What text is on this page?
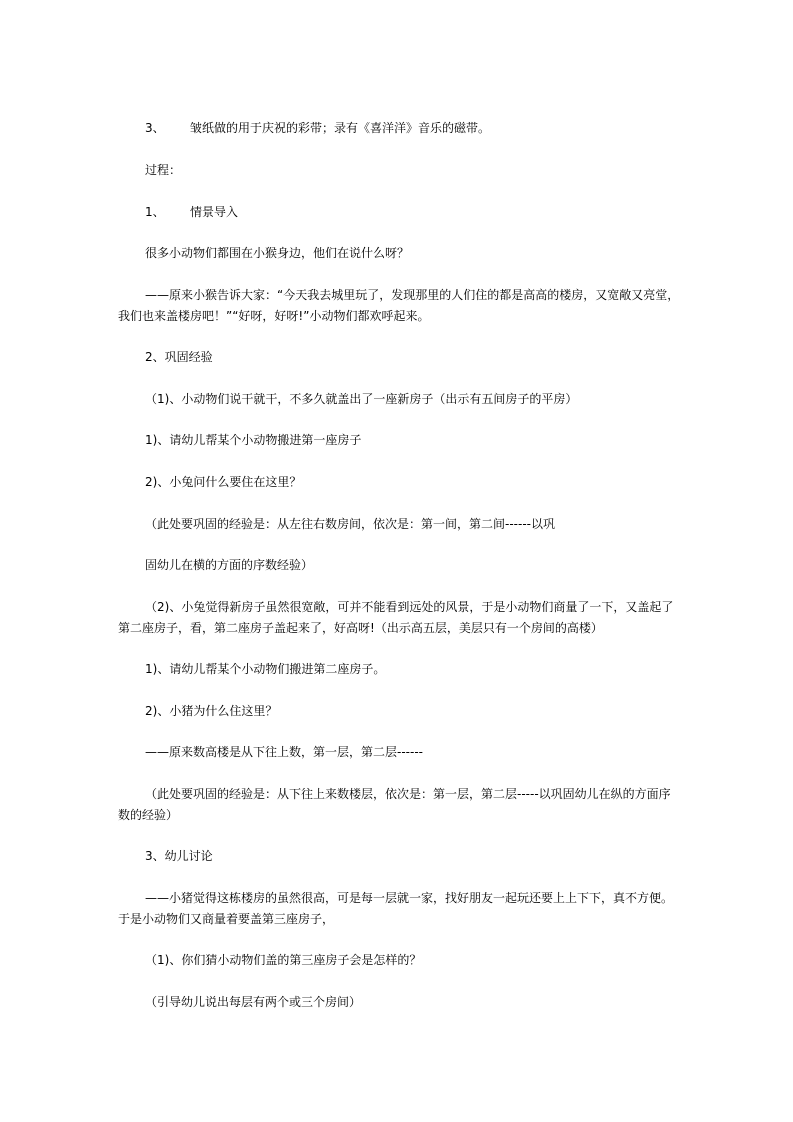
3、 皱纸做的用于庆祝的彩带；录有《喜洋洋》音乐的磁带。
过程：
1、 情景导入
很多小动物们都围在小猴身边，他们在说什么呀？
——原来小猴告诉大家：“今天我去城里玩了，发现那里的人们住的都是高高的楼房，又宽敞又亮堂，
我们也来盖楼房吧！”“好呀，好呀!”小动物们都欢呼起来。
2、巩固经验
（1)、小动物们说干就干，不多久就盖出了一座新房子（出示有五间房子的平房）
1)、请幼儿帮某个小动物搬进第一座房子
2)、小兔问什么要住在这里？
（此处要巩固的经验是：从左往右数房间，依次是：第一间，第二间------以巩
固幼儿在横的方面的序数经验）
（2)、小兔觉得新房子虽然很宽敞，可并不能看到远处的风景，于是小动物们商量了一下，又盖起了
第二座房子，看，第二座房子盖起来了，好高呀!（出示高五层，美层只有一个房间的高楼）
1)、请幼儿帮某个小动物们搬进第二座房子。
2)、小猪为什么住这里？
——原来数高楼是从下往上数，第一层，第二层------
（此处要巩固的经验是：从下往上来数楼层，依次是：第一层，第二层-----以巩固幼儿在纵的方面序
数的经验）
3、幼儿讨论
——小猪觉得这栋楼房的虽然很高，可是每一层就一家，找好朋友一起玩还要上上下下，真不方便。
于是小动物们又商量着要盖第三座房子，
（1)、你们猜小动物们盖的第三座房子会是怎样的？
（引导幼儿说出每层有两个或三个房间）
